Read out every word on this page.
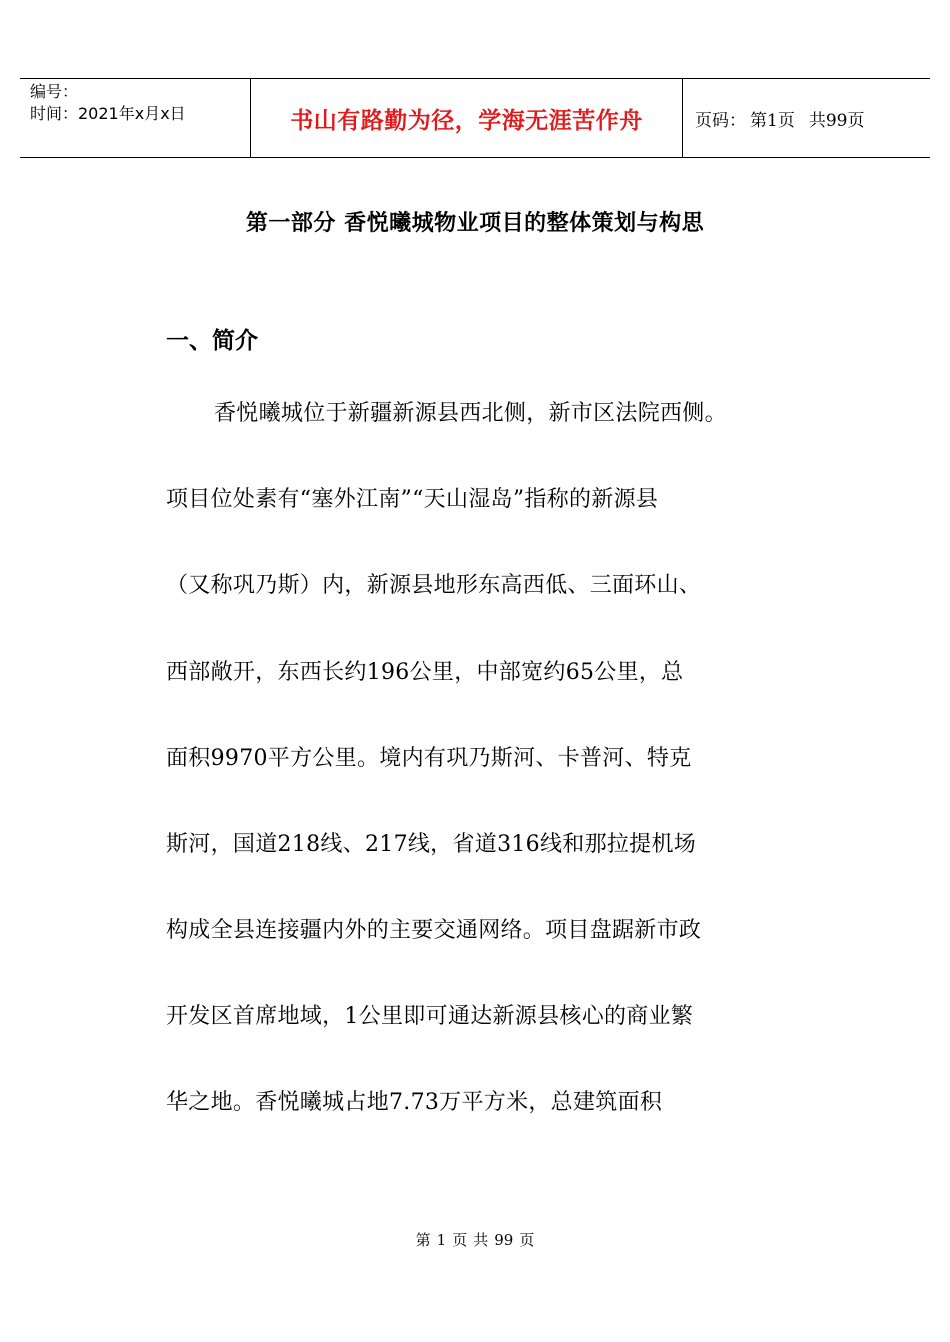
编号：
时间：2021年x月x日	书山有路勤为径，学海无涯苦作舟	页码： 第1页 共99页
第一部分 香悦曦城物业项目的整体策划与构思
一、简介
香悦曦城位于新疆新源县西北侧，新市区法院西侧。
项目位处素有“塞外江南”“天山湿岛”指称的新源县
（又称巩乃斯）内，新源县地形东高西低、三面环山、
西部敞开，东西长约196公里，中部宽约65公里，总
面积9970平方公里。境内有巩乃斯河、卡普河、特克
斯河，国道218线、217线，省道316线和那拉提机场
构成全县连接疆内外的主要交通网络。项目盘踞新市政
开发区首席地域，1公里即可通达新源县核心的商业繁
华之地。香悦曦城占地7.73万平方米，总建筑面积
第 1 页 共 99 页
